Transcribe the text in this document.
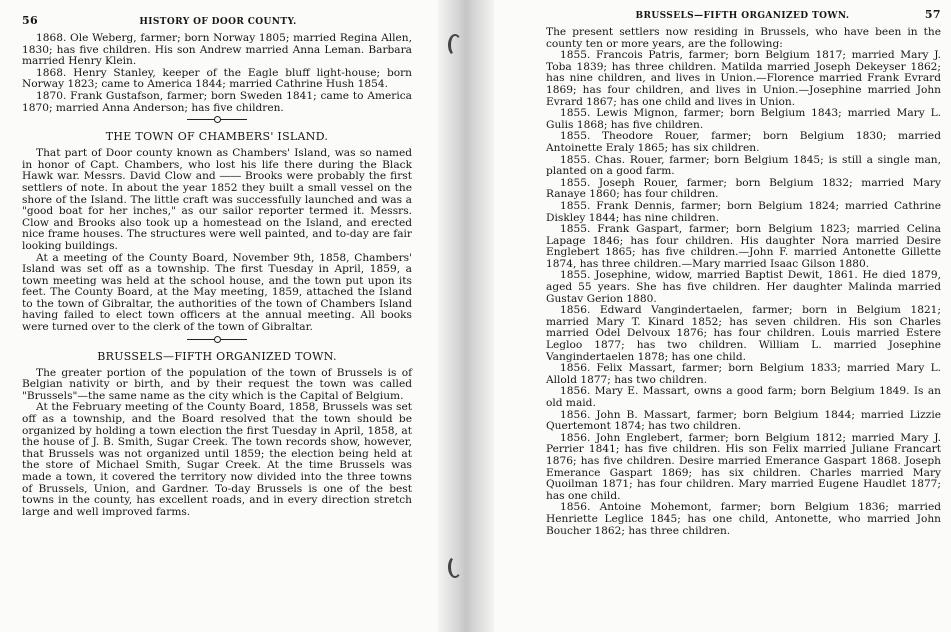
56	HISTORY OF DOOR COUNTY.

1868. Ole Weberg, farmer; born Norway 1805; married Regina Allen, 1830; has five children. His son Andrew married Anna Leman. Barbara married Henry Klein.

1868. Henry Stanley, keeper of the Eagle bluff light-house; born Norway 1823; came to America 1844; married Cathrine Hush 1854.

1870. Frank Gustafson, farmer; born Sweden 1841; came to America 1870; married Anna Anderson; has five children.

THE TOWN OF CHAMBERS' ISLAND.

That part of Door county known as Chambers' Island, was so named in honor of Capt. Chambers, who lost his life there during the Black Hawk war. Messrs. David Clow and ―― Brooks were probably the first settlers of note. In about the year 1852 they built a small vessel on the shore of the Island. The little craft was successfully launched and was a "good boat for her inches," as our sailor reporter termed it. Messrs. Clow and Brooks also took up a homestead on the Island, and erected nice frame houses. The structures were well painted, and to-day are fair looking buildings.

At a meeting of the County Board, November 9th, 1858, Chambers' Island was set off as a township. The first Tuesday in April, 1859, a town meeting was held at the school house, and the town put upon its feet. The County Board, at the May meeting, 1859, attached the Island to the town of Gibraltar, the authorities of the town of Chambers Island having failed to elect town officers at the annual meeting. All books were turned over to the clerk of the town of Gibraltar.

BRUSSELS—FIFTH ORGANIZED TOWN.

The greater portion of the population of the town of Brussels is of Belgian nativity or birth, and by their request the town was called "Brussels"—the same name as the city which is the Capital of Belgium.

At the February meeting of the County Board, 1858, Brussels was set off as a township, and the Board resolved that the town should be organized by holding a town election the first Tuesday in April, 1858, at the house of J. B. Smith, Sugar Creek. The town records show, however, that Brussels was not organized until 1859; the election being held at the store of Michael Smith, Sugar Creek. At the time Brussels was made a town, it covered the territory now divided into the three towns of Brussels, Union, and Gardner. To-day Brussels is one of the best towns in the county, has excellent roads, and in every direction stretch large and well improved farms.

BRUSSELS—FIFTH ORGANIZED TOWN.	57

The present settlers now residing in Brussels, who have been in the county ten or more years, are the following:

1855. Francois Patris, farmer; born Belgium 1817; married Mary J. Toba 1839; has three children. Matilda married Joseph Dekeyser 1862; has nine children, and lives in Union.—Florence married Frank Evrard 1869; has four children, and lives in Union.—Josephine married John Evrard 1867; has one child and lives in Union.

1855. Lewis Mignon, farmer; born Belgium 1843; married Mary L. Gulis 1868; has five children.

1855. Theodore Rouer, farmer; born Belgium 1830; married Antoinette Eraly 1865; has six children.

1855. Chas. Rouer, farmer; born Belgium 1845; is still a single man, planted on a good farm.

1855. Joseph Rouer, farmer; born Belgium 1832; married Mary Ranaye 1860; has four children.

1855. Frank Dennis, farmer; born Belgium 1824; married Cathrine Diskley 1844; has nine children.

1855. Frank Gaspart, farmer; born Belgium 1823; married Celina Lapage 1846; has four children. His daughter Nora married Desire Englebert 1865; has five children.—John F. married Antonette Gillette 1874, has three children.—Mary married Isaac Gilson 1880.

1855. Josephine, widow, married Baptist Dewit, 1861. He died 1879, aged 55 years. She has five children. Her daughter Malinda married Gustav Gerion 1880.

1856. Edward Vangindertaelen, farmer; born in Belgium 1821; married Mary T. Kinard 1852; has seven children. His son Charles married Odel Delvoux 1876; has four children. Louis married Estere Legloo 1877; has two children. William L. married Josephine Vangindertaelen 1878; has one child.

1856. Felix Massart, farmer; born Belgium 1833; married Mary L. Allold 1877; has two children.

1856. Mary E. Massart, owns a good farm; born Belgium 1849. Is an old maid.

1856. John B. Massart, farmer; born Belgium 1844; married Lizzie Quertemont 1874; has two children.

1856. John Englebert, farmer; born Belgium 1812; married Mary J. Perrier 1841; has five children. His son Felix married Juliane Francart 1876; has five children. Desire married Emerance Gaspart 1868. Joseph Emerance Gaspart 1869; has six children. Charles married Mary Quoilman 1871; has four children. Mary married Eugene Haudlet 1877; has one child.

1856. Antoine Mohemont, farmer; born Belgium 1836; married Henriette Leglice 1845; has one child, Antonette, who married John Boucher 1862; has three children.
